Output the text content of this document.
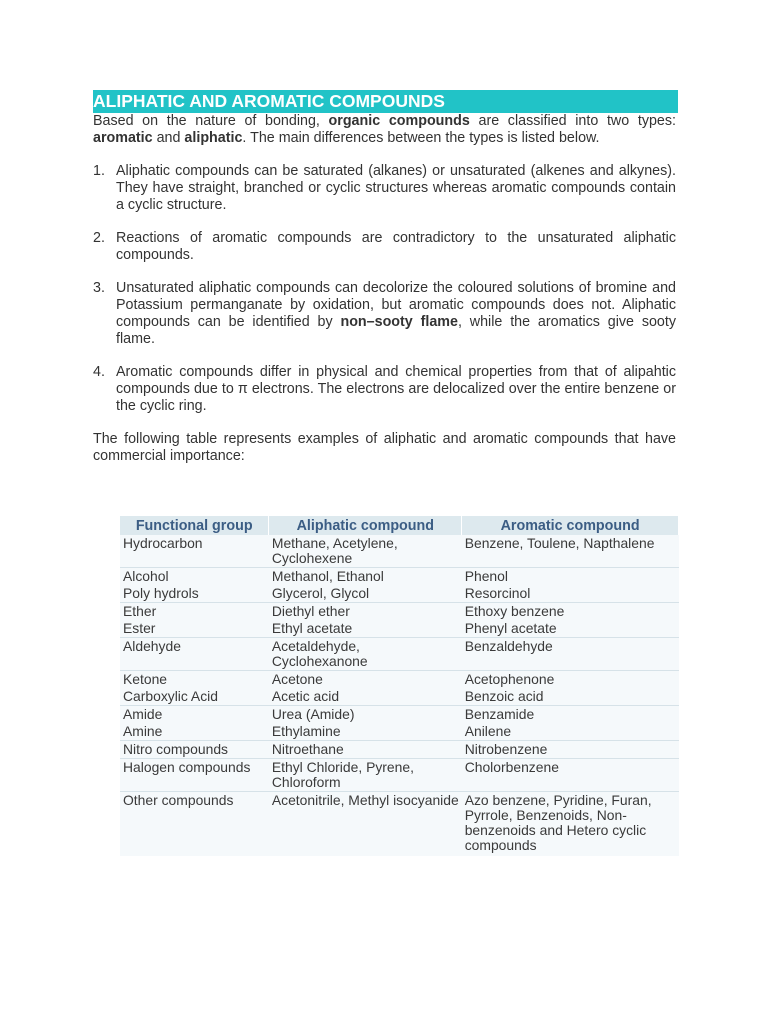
ALIPHATIC AND AROMATIC COMPOUNDS

Based on the nature of bonding, organic compounds are classified into two types: aromatic and aliphatic. The main differences between the types is listed below.

1. Aliphatic compounds can be saturated (alkanes) or unsaturated (alkenes and alkynes). They have straight, branched or cyclic structures whereas aromatic compounds contain a cyclic structure.
2. Reactions of aromatic compounds are contradictory to the unsaturated aliphatic compounds.
3. Unsaturated aliphatic compounds can decolorize the coloured solutions of bromine and Potassium permanganate by oxidation, but aromatic compounds does not. Aliphatic compounds can be identified by non–sooty flame, while the aromatics give sooty flame.
4. Aromatic compounds differ in physical and chemical properties from that of alipahtic compounds due to π electrons. The electrons are delocalized over the entire benzene or the cyclic ring.

The following table represents examples of aliphatic and aromatic compounds that have commercial importance:

Functional group	Aliphatic compound	Aromatic compound
Hydrocarbon	Methane, Acetylene, Cyclohexene	Benzene, Toulene, Napthalene
Alcohol	Methanol, Ethanol	Phenol
Poly hydrols	Glycerol, Glycol	Resorcinol
Ether	Diethyl ether	Ethoxy benzene
Ester	Ethyl acetate	Phenyl acetate
Aldehyde	Acetaldehyde, Cyclohexanone	Benzaldehyde
Ketone	Acetone	Acetophenone
Carboxylic Acid	Acetic acid	Benzoic acid
Amide	Urea (Amide)	Benzamide
Amine	Ethylamine	Anilene
Nitro compounds	Nitroethane	Nitrobenzene
Halogen compounds	Ethyl Chloride, Pyrene, Chloroform	Cholorbenzene
Other compounds	Acetonitrile, Methyl isocyanide	Azo benzene, Pyridine, Furan, Pyrrole, Benzenoids, Non-benzenoids and Hetero cyclic compounds
